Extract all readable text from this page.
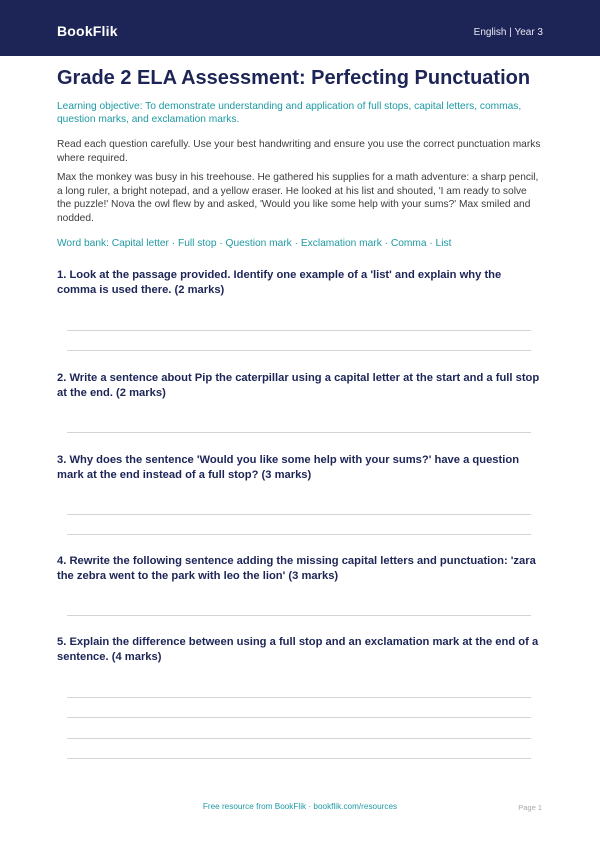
BookFlik	English | Year 3
Grade 2 ELA Assessment: Perfecting Punctuation
Learning objective: To demonstrate understanding and application of full stops, capital letters, commas, question marks, and exclamation marks.
Read each question carefully. Use your best handwriting and ensure you use the correct punctuation marks where required.
Max the monkey was busy in his treehouse. He gathered his supplies for a math adventure: a sharp pencil, a long ruler, a bright notepad, and a yellow eraser. He looked at his list and shouted, 'I am ready to solve the puzzle!' Nova the owl flew by and asked, 'Would you like some help with your sums?' Max smiled and nodded.
Word bank: Capital letter · Full stop · Question mark · Exclamation mark · Comma · List
1. Look at the passage provided. Identify one example of a 'list' and explain why the comma is used there. (2 marks)
2. Write a sentence about Pip the caterpillar using a capital letter at the start and a full stop at the end. (2 marks)
3. Why does the sentence 'Would you like some help with your sums?' have a question mark at the end instead of a full stop? (3 marks)
4. Rewrite the following sentence adding the missing capital letters and punctuation: 'zara the zebra went to the park with leo the lion' (3 marks)
5. Explain the difference between using a full stop and an exclamation mark at the end of a sentence. (4 marks)
Free resource from BookFlik · bookflik.com/resources	Page 1
